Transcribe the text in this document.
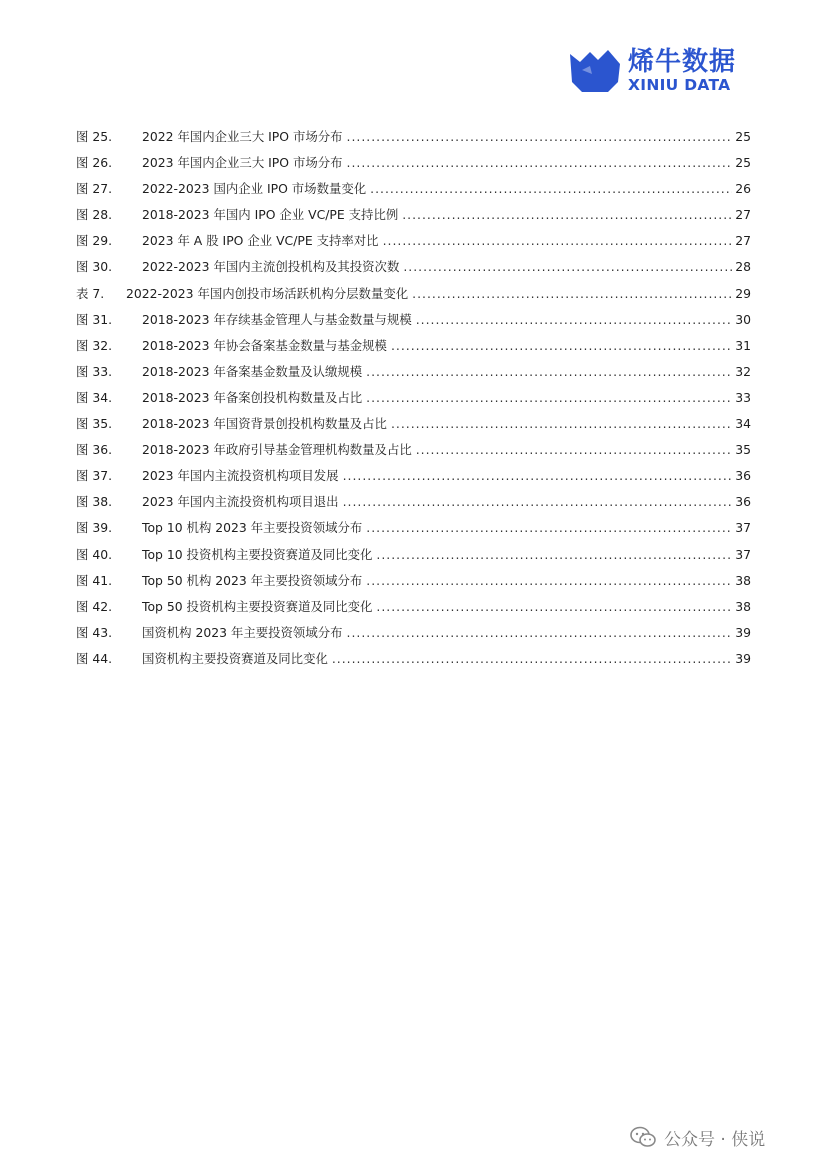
烯牛数据
XINIU DATA
图 25.	2022 年国内企业三大 IPO 市场分布 .....	25
图 26.	2023 年国内企业三大 IPO 市场分布 .....	25
图 27.	2022-2023 国内企业 IPO 市场数量变化 .....	26
图 28.	2018-2023 年国内 IPO 企业 VC/PE 支持比例 .....	27
图 29.	2023 年 A 股 IPO 企业 VC/PE 支持率对比 .....	27
图 30.	2022-2023 年国内主流创投机构及其投资次数 .....	28
表 7.	2022-2023 年国内创投市场活跃机构分层数量变化 .....	29
图 31.	2018-2023 年存续基金管理人与基金数量与规模 .....	30
图 32.	2018-2023 年协会备案基金数量与基金规模 .....	31
图 33.	2018-2023 年备案基金数量及认缴规模 .....	32
图 34.	2018-2023 年备案创投机构数量及占比 .....	33
图 35.	2018-2023 年国资背景创投机构数量及占比 .....	34
图 36.	2018-2023 年政府引导基金管理机构数量及占比 .....	35
图 37.	2023 年国内主流投资机构项目发展 .....	36
图 38.	2023 年国内主流投资机构项目退出 .....	36
图 39.	Top 10 机构 2023 年主要投资领域分布 .....	37
图 40.	Top 10 投资机构主要投资赛道及同比变化 .....	37
图 41.	Top 50 机构 2023 年主要投资领域分布 .....	38
图 42.	Top 50 投资机构主要投资赛道及同比变化 .....	38
图 43.	国资机构 2023 年主要投资领域分布 .....	39
图 44.	国资机构主要投资赛道及同比变化 .....	39
公众号 · 侠说
